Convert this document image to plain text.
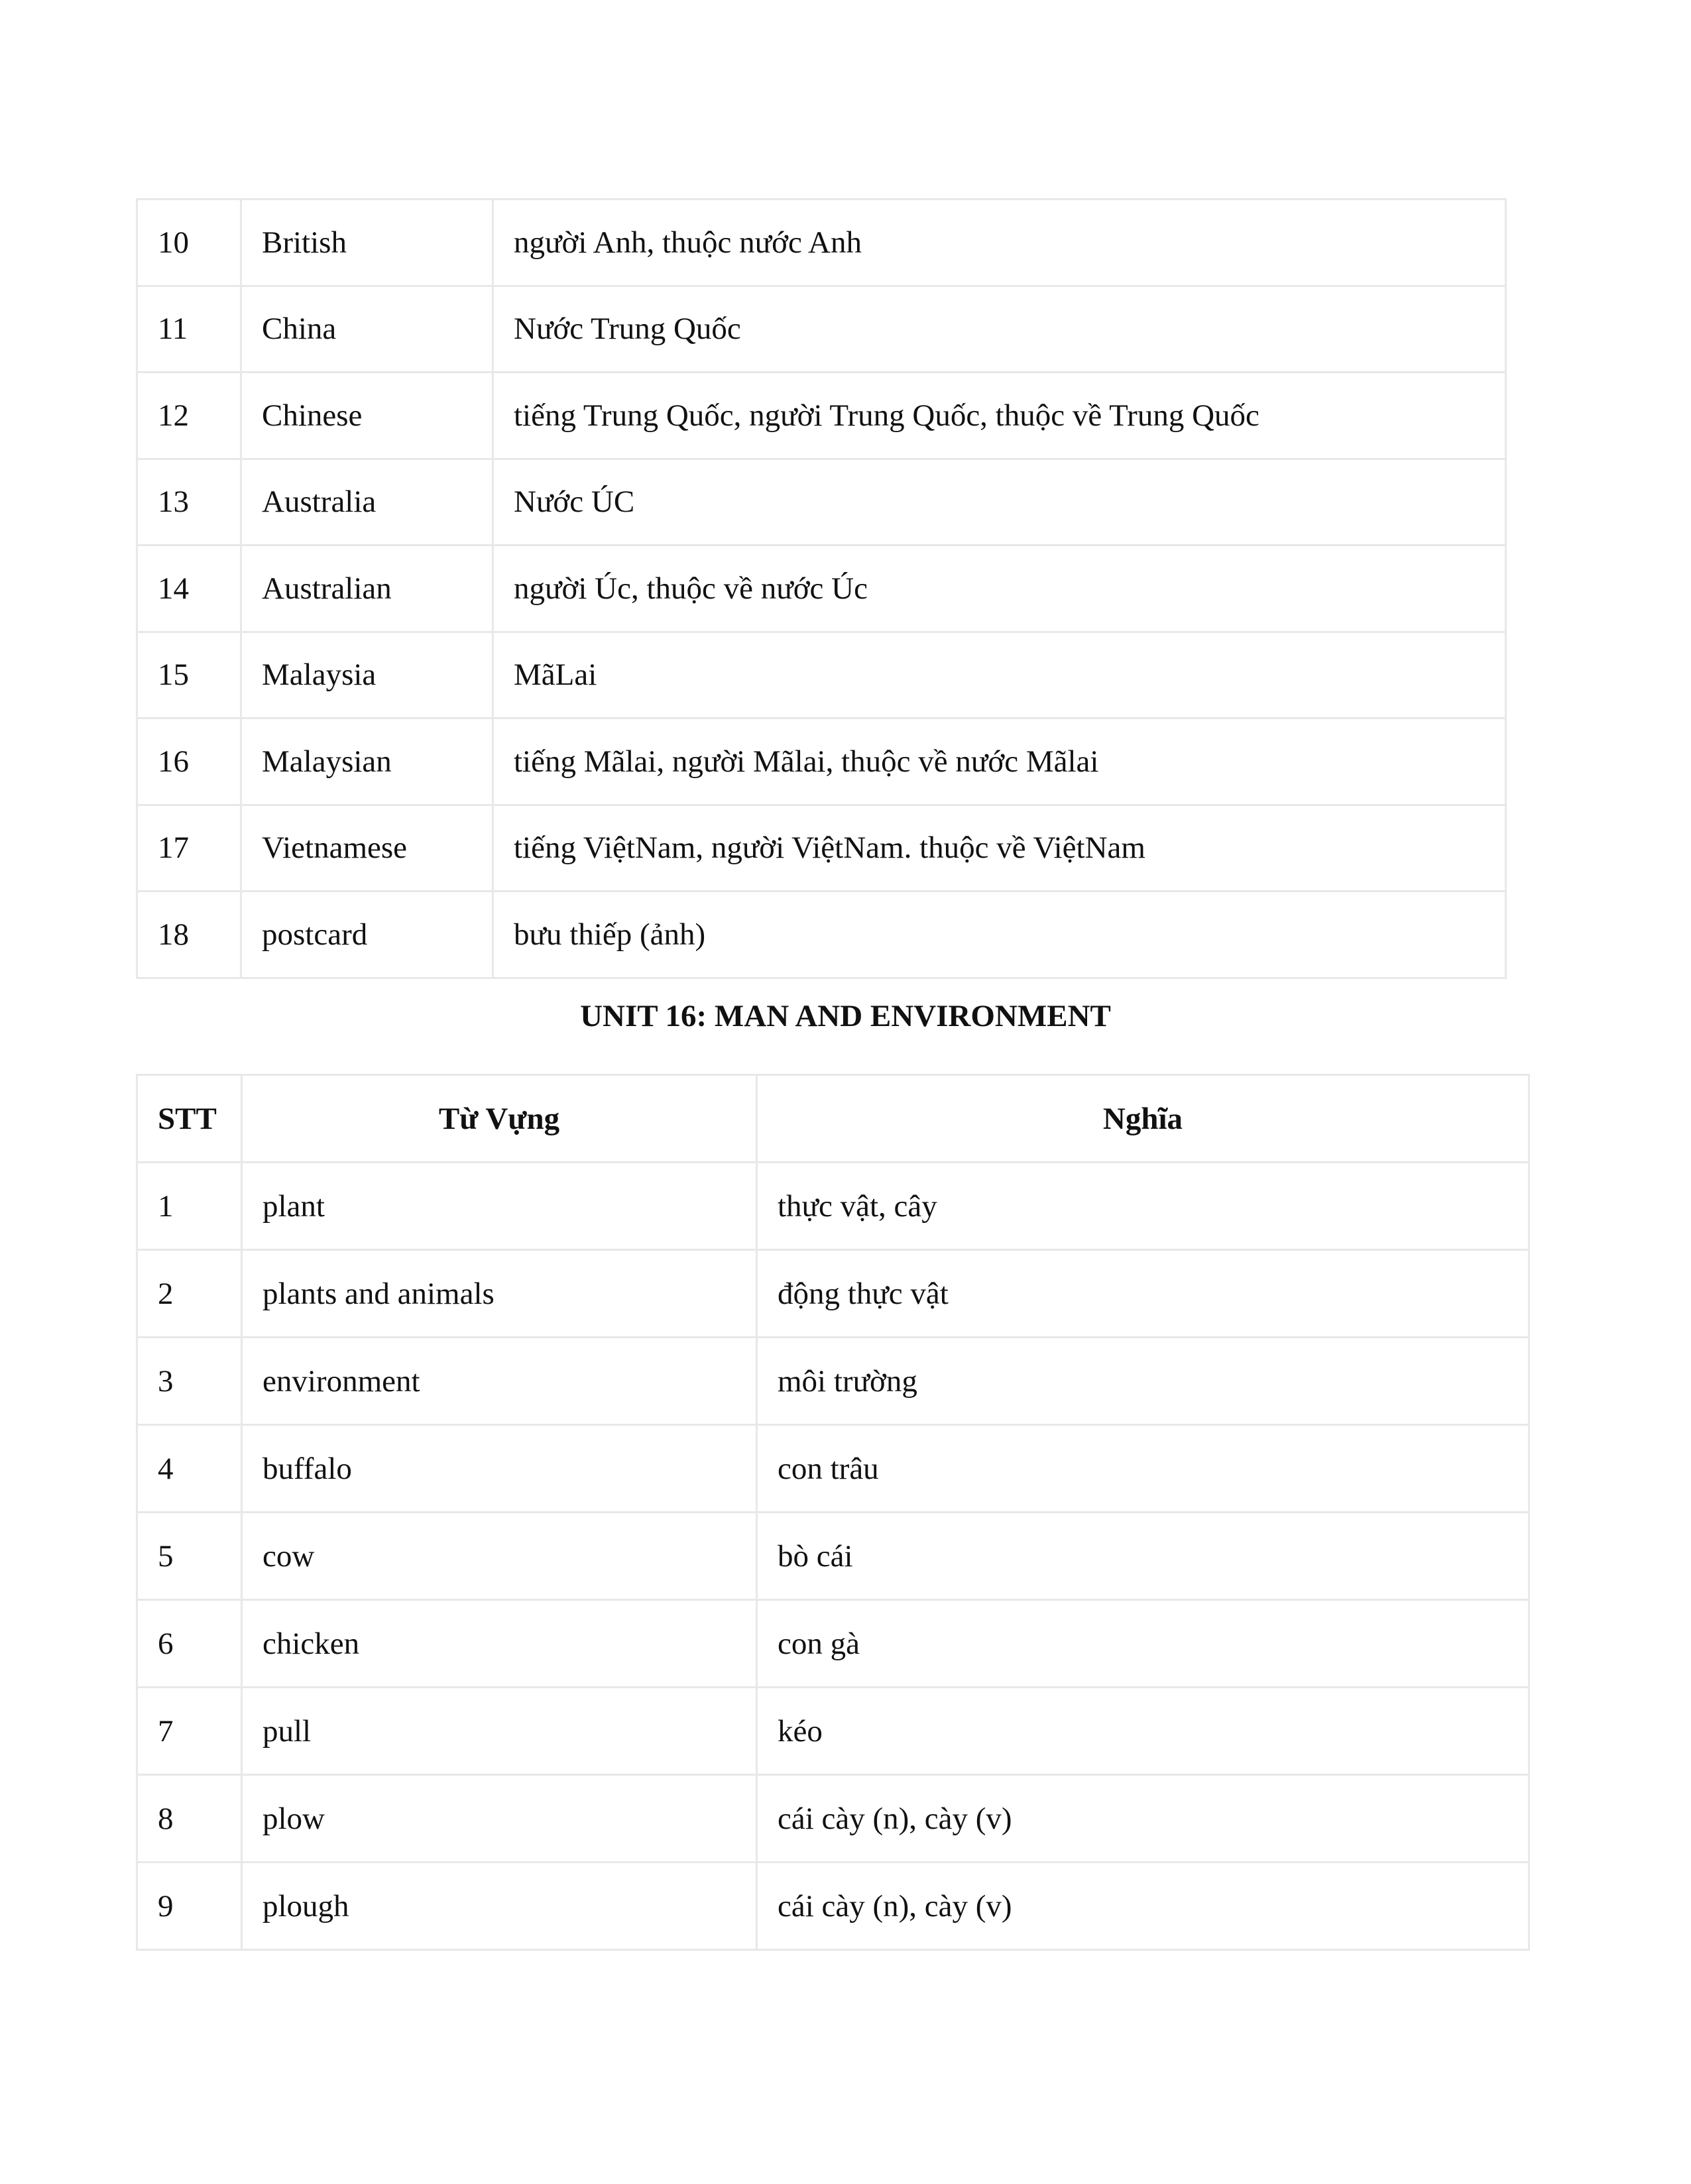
10	British	người Anh, thuộc nước Anh
11	China	Nước Trung Quốc
12	Chinese	tiếng Trung Quốc, người Trung Quốc, thuộc về Trung Quốc
13	Australia	Nước ÚC
14	Australian	người Úc, thuộc về nước Úc
15	Malaysia	MãLai
16	Malaysian	tiếng Mãlai, người Mãlai, thuộc về nước Mãlai
17	Vietnamese	tiếng ViệtNam, người ViệtNam. thuộc về ViệtNam
18	postcard	bưu thiếp (ảnh)
UNIT 16: MAN AND ENVIRONMENT
STT	Từ Vựng	Nghĩa
1	plant	thực vật, cây
2	plants and animals	động thực vật
3	environment	môi trường
4	buffalo	con trâu
5	cow	bò cái
6	chicken	con gà
7	pull	kéo
8	plow	cái cày (n), cày (v)
9	plough	cái cày (n), cày (v)
